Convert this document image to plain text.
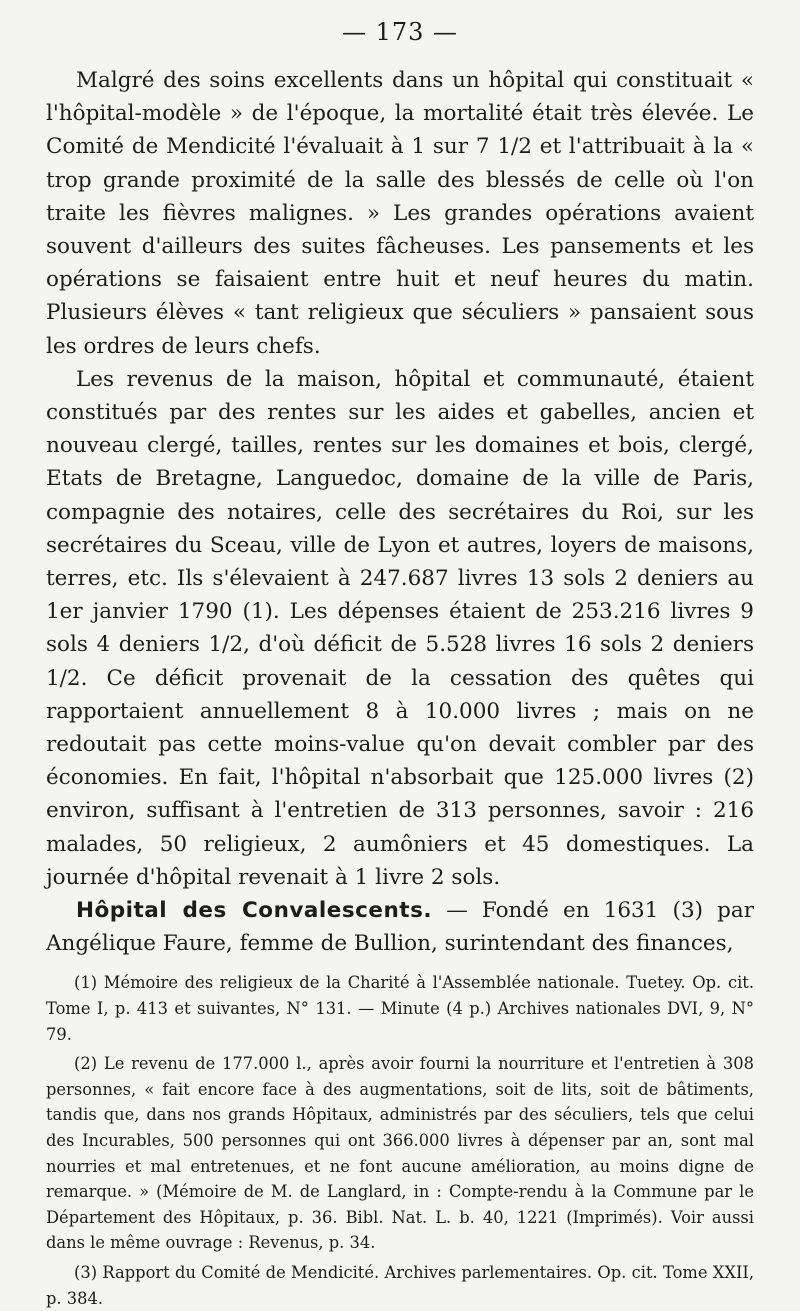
— 173 —

Malgré des soins excellents dans un hôpital qui constituait « l'hôpital-modèle » de l'époque, la mortalité était très élevée. Le Comité de Mendicité l'évaluait à 1 sur 7 1/2 et l'attribuait à la « trop grande proximité de la salle des blessés de celle où l'on traite les fièvres malignes. » Les grandes opérations avaient souvent d'ailleurs des suites fâcheuses. Les pansements et les opérations se faisaient entre huit et neuf heures du matin. Plusieurs élèves « tant religieux que séculiers » pansaient sous les ordres de leurs chefs.

Les revenus de la maison, hôpital et communauté, étaient constitués par des rentes sur les aides et gabelles, ancien et nouveau clergé, tailles, rentes sur les domaines et bois, clergé, Etats de Bretagne, Languedoc, domaine de la ville de Paris, compagnie des notaires, celle des secrétaires du Roi, sur les secrétaires du Sceau, ville de Lyon et autres, loyers de maisons, terres, etc. Ils s'élevaient à 247.687 livres 13 sols 2 deniers au 1er janvier 1790 (1). Les dépenses étaient de 253.216 livres 9 sols 4 deniers 1/2, d'où déficit de 5.528 livres 16 sols 2 deniers 1/2. Ce déficit provenait de la cessation des quêtes qui rapportaient annuellement 8 à 10.000 livres ; mais on ne redoutait pas cette moins-value qu'on devait combler par des économies. En fait, l'hôpital n'absorbait que 125.000 livres (2) environ, suffisant à l'entretien de 313 personnes, savoir : 216 malades, 50 religieux, 2 aumôniers et 45 domestiques. La journée d'hôpital revenait à 1 livre 2 sols.

Hôpital des Convalescents. — Fondé en 1631 (3) par Angélique Faure, femme de Bullion, surintendant des finances,

(1) Mémoire des religieux de la Charité à l'Assemblée nationale. Tuetey. Op. cit. Tome I, p. 413 et suivantes, N° 131. — Minute (4 p.) Archives nationales DVI, 9, N° 79.

(2) Le revenu de 177.000 l., après avoir fourni la nourriture et l'entretien à 308 personnes, « fait encore face à des augmentations, soit de lits, soit de bâtiments, tandis que, dans nos grands Hôpitaux, administrés par des séculiers, tels que celui des Incurables, 500 personnes qui ont 366.000 livres à dépenser par an, sont mal nourries et mal entretenues, et ne font aucune amélioration, au moins digne de remarque. » (Mémoire de M. de Langlard, in : Compte-rendu à la Commune par le Département des Hôpitaux, p. 36. Bibl. Nat. L. b. 40, 1221 (Imprimés). Voir aussi dans le même ouvrage : Revenus, p. 34.

(3) Rapport du Comité de Mendicité. Archives parlementaires. Op. cit. Tome XXII, p. 384.
